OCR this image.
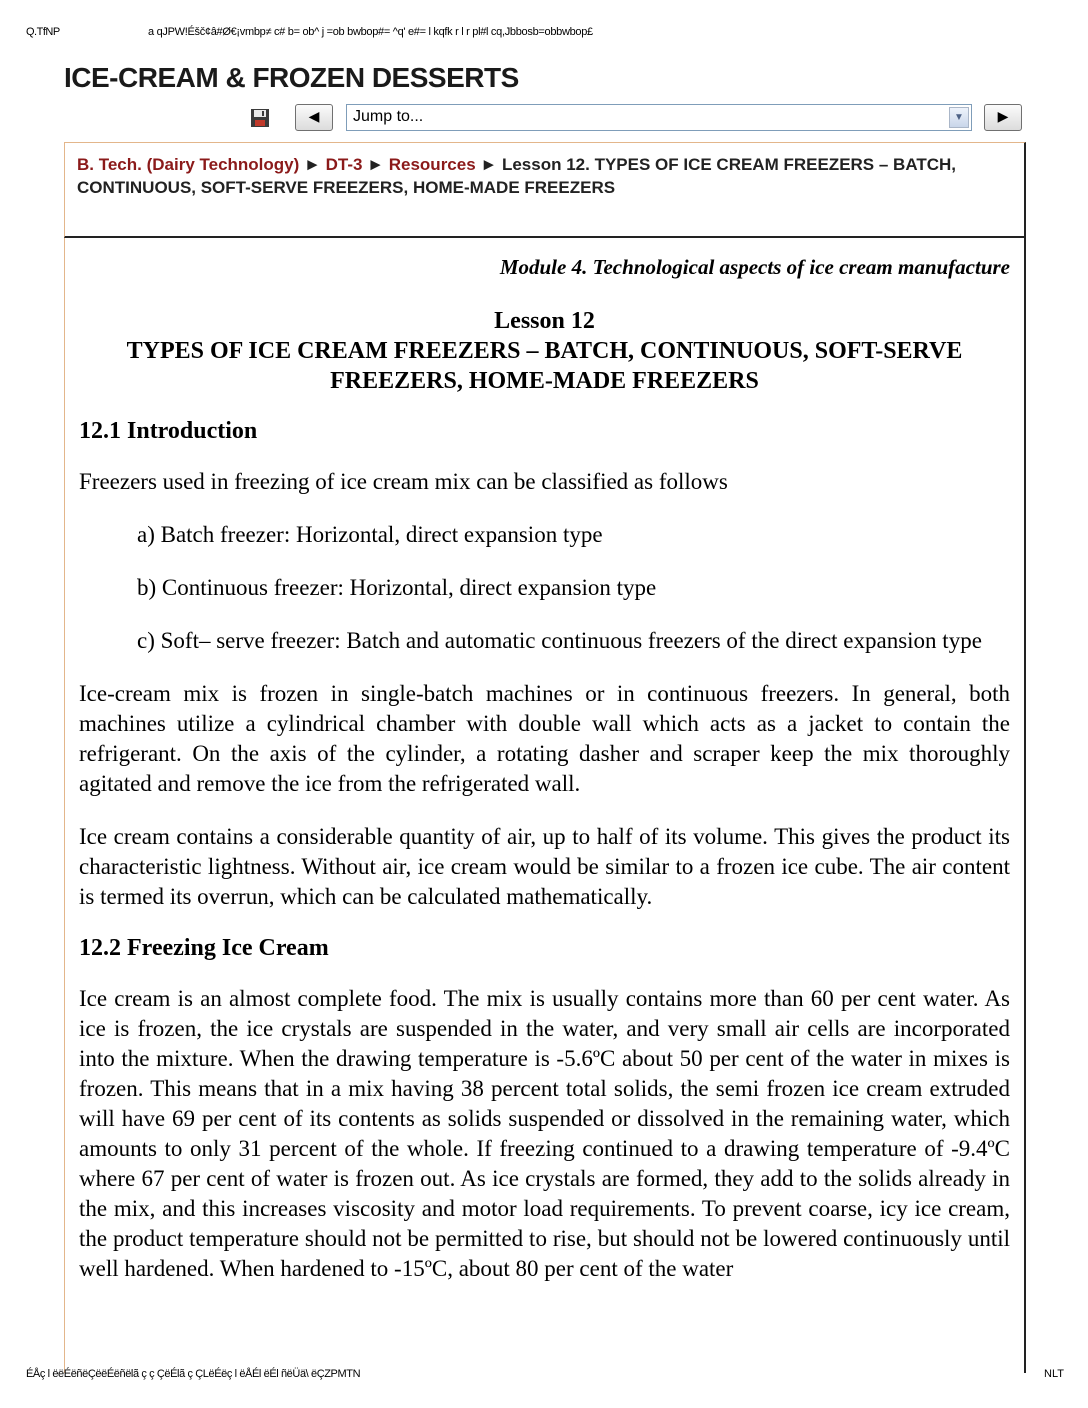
Q.TfNP	a qJPW!Éšč¢â#Ø€¡vmbp≠ c# b= ob^ j =ob bwbop#= ^q' e#= l kqfk r l r pl#l cq,Jbbosb=obbwbop£
ICE-CREAM & FROZEN DESSERTS
◀	Jump to...	▼	▶
B. Tech. (Dairy Technology) ► DT-3 ► Resources ► Lesson 12. TYPES OF ICE CREAM FREEZERS – BATCH, CONTINUOUS, SOFT-SERVE FREEZERS, HOME-MADE FREEZERS
Module 4. Technological aspects of ice cream manufacture
Lesson 12
TYPES OF ICE CREAM FREEZERS – BATCH, CONTINUOUS, SOFT-SERVE FREEZERS, HOME-MADE FREEZERS
12.1 Introduction

Freezers used in freezing of ice cream mix can be classified as follows

a) Batch freezer: Horizontal, direct expansion type

b) Continuous freezer: Horizontal, direct expansion type

c) Soft– serve freezer: Batch and automatic continuous freezers of the direct expansion type

Ice-cream mix is frozen in single-batch machines or in continuous freezers. In general, both machines utilize a cylindrical chamber with double wall which acts as a jacket to contain the refrigerant. On the axis of the cylinder, a rotating dasher and scraper keep the mix thoroughly agitated and remove the ice from the refrigerated wall.

Ice cream contains a considerable quantity of air, up to half of its volume. This gives the product its characteristic lightness. Without air, ice cream would be similar to a frozen ice cube. The air content is termed its overrun, which can be calculated mathematically.

12.2 Freezing Ice Cream

Ice cream is an almost complete food. The mix is usually contains more than 60 per cent water. As ice is frozen, the ice crystals are suspended in the water, and very small air cells are incorporated into the mixture. When the drawing temperature is -5.6ºC about 50 per cent of the water in mixes is frozen. This means that in a mix having 38 percent total solids, the semi frozen ice cream extruded will have 69 per cent of its contents as solids suspended or dissolved in the remaining water, which amounts to only 31 percent of the whole. If freezing continued to a drawing temperature of -9.4ºC where 67 per cent of water is frozen out. As ice crystals are formed, they add to the solids already in the mix, and this increases viscosity and motor load requirements. To prevent coarse, icy ice cream, the product temperature should not be permitted to rise, but should not be lowered continuously until well hardened. When hardened to -15ºC, about 80 per cent of the water

ÉÅç l ëëÉëñëÇëëÉëñëlã ç ç ÇëÉlã ç ÇLëÉëç l ëÅÉl ëÉl ñëÜä\ ëÇZPMTN	NLT
